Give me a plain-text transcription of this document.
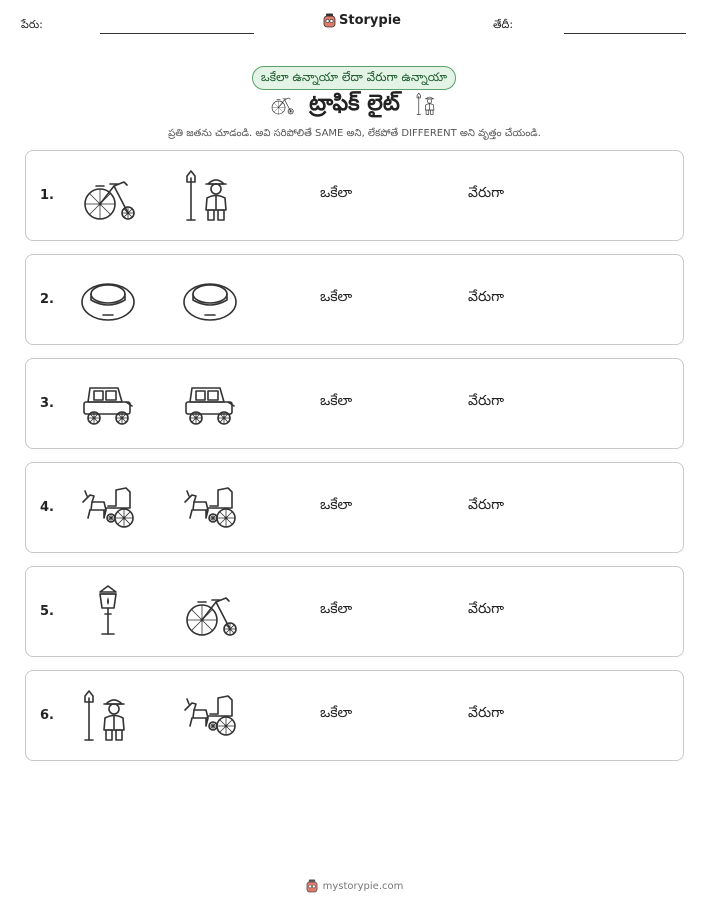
పేరు:	Storypie	తేదీ:
ఒకేలా ఉన్నాయా లేదా వేరుగా ఉన్నాయా
ట్రాఫిక్ లైట్
ప్రతి జతను చూడండి. అవి సరిపోలితే SAME అని, లేకపోతే DIFFERENT అని వృత్తం చేయండి.
1.	ఒకేలా	వేరుగా
2.	ఒకేలా	వేరుగా
3.	ఒకేలా	వేరుగా
4.	ఒకేలా	వేరుగా
5.	ఒకేలా	వేరుగా
6.	ఒకేలా	వేరుగా
mystorypie.com
